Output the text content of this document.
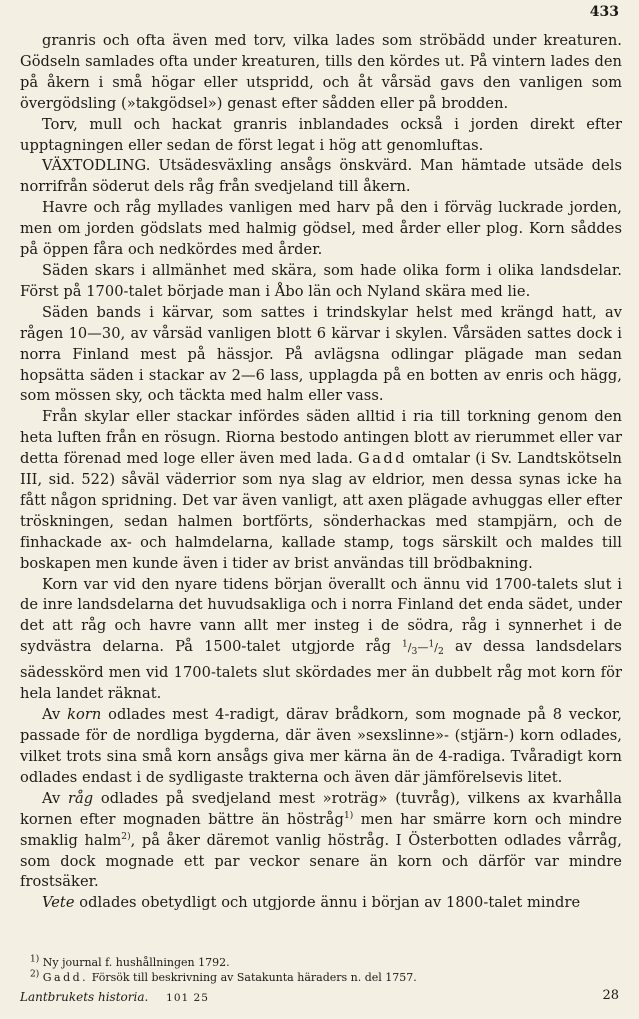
433

granris och ofta även med torv, vilka lades som ströbädd under kreaturen. Gödseln samlades ofta under kreaturen, tills den kördes ut. På vintern lades den på åkern i små högar eller utspridd, och åt vårsäd gavs den vanligen som övergödsling (»takgödsel») genast efter sådden eller på brodden.

Torv, mull och hackat granris inblandades också i jorden direkt efter upptagningen eller sedan de först legat i hög att genomluftas.

VÄXTODLING. Utsädesväxling ansågs önskvärd. Man hämtade utsäde dels norrifrån söderut dels råg från svedjeland till åkern.

Havre och råg myllades vanligen med harv på den i förväg luckrade jorden, men om jorden gödslats med halmig gödsel, med årder eller plog. Korn såddes på öppen fåra och nedkördes med årder.

Säden skars i allmänhet med skära, som hade olika form i olika landsdelar. Först på 1700-talet började man i Åbo län och Nyland skära med lie.

Säden bands i kärvar, som sattes i trindskylar helst med krängd hatt, av rågen 10—30, av vårsäd vanligen blott 6 kärvar i skylen. Vårsäden sattes dock i norra Finland mest på hässjor. På avlägsna odlingar plägade man sedan hopsätta säden i stackar av 2—6 lass, upplagda på en botten av enris och hägg, som mössen sky, och täckta med halm eller vass.

Från skylar eller stackar infördes säden alltid i ria till torkning genom den heta luften från en rösugn. Riorna bestodo antingen blott av rierummet eller var detta förenad med loge eller även med lada. Gadd omtalar (i Sv. Landtskötseln III, sid. 522) såväl väderrior som nya slag av eldrior, men dessa synas icke ha fått någon spridning. Det var även vanligt, att axen plägade avhuggas eller efter tröskningen, sedan halmen bortförts, sönderhackas med stampjärn, och de finhackade ax- och halmdelarna, kallade stamp, togs särskilt och maldes till boskapen men kunde även i tider av brist användas till brödbakning.

Korn var vid den nyare tidens början överallt och ännu vid 1700-talets slut i de inre landsdelarna det huvudsakliga och i norra Finland det enda sädet, under det att råg och havre vann allt mer insteg i de södra, råg i synnerhet i de sydvästra delarna. På 1500-talet utgjorde råg $^1/_3—^1/_2$ av dessa landsdelars sädesskörd men vid 1700-talets slut skördades mer än dubbelt råg mot korn för hela landet räknat.

Av korn odlades mest 4-radigt, därav brådkorn, som mognade på 8 veckor, passade för de nordliga bygderna, där även »sexslinne»- (stjärn-) korn odlades, vilket trots sina små korn ansågs giva mer kärna än de 4-radiga. Tvåradigt korn odlades endast i de sydligaste trakterna och även där jämförelsevis litet.

Av råg odlades på svedjeland mest »roträg» (tuvråg), vilkens ax kvarhålla kornen efter mognaden bättre än höstråg$^{1)}$ men har smärre korn och mindre smaklig halm$^{2)}$, på åker däremot vanlig höstråg. I Österbotten odlades vårråg, som dock mognade ett par veckor senare än korn och därför var mindre frostsäker.

Vete odlades obetydligt och utgjorde ännu i början av 1800-talet mindre

$^{1)}$ Ny journal f. hushållningen 1792.
$^{2)}$ Gadd. Försök till beskrivning av Satakunta häraders n. del 1757.
Lantbrukets historia. 101 25	28
